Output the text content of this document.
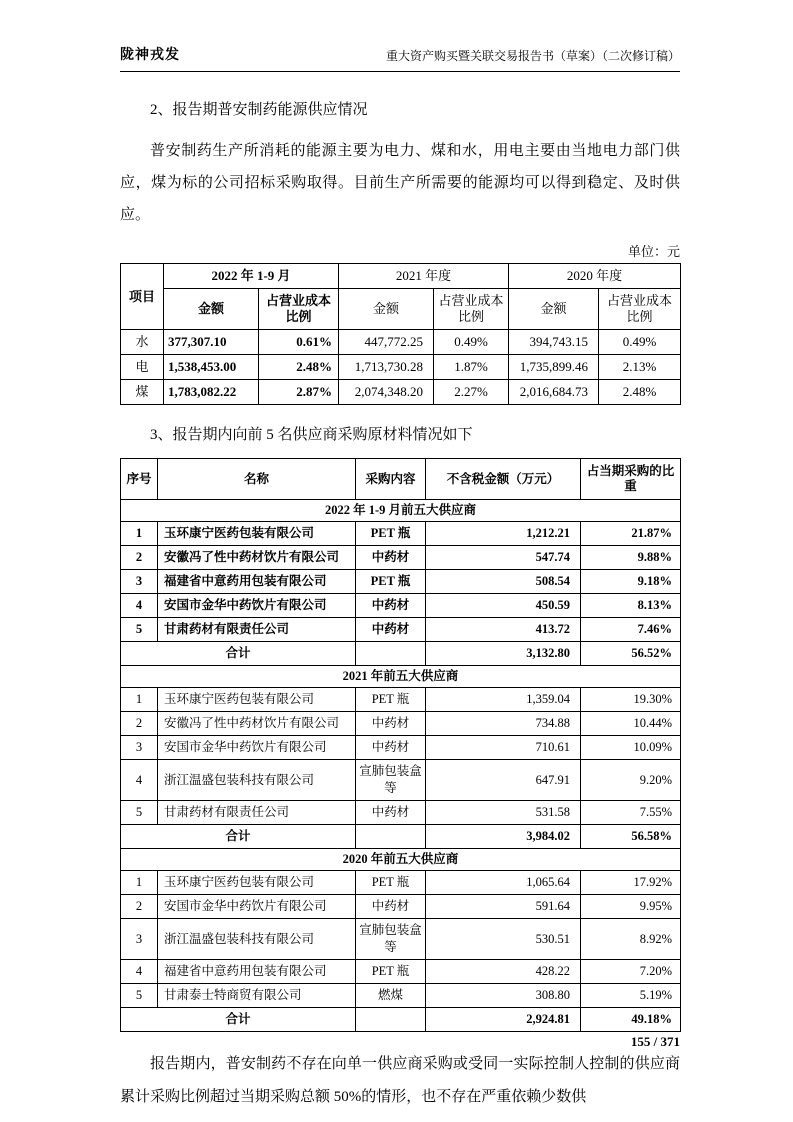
陇神戎发	重大资产购买暨关联交易报告书（草案）（二次修订稿）
2、报告期普安制药能源供应情况

普安制药生产所消耗的能源主要为电力、煤和水，用电主要由当地电力部门供应，煤为标的公司招标采购取得。目前生产所需要的能源均可以得到稳定、及时供应。

单位：元
项目	2022 年 1-9 月		2021 年度		2020 年度	
	金额	占营业成本比例	金额	占营业成本比例	金额	占营业成本比例
水	377,307.10	0.61%	447,772.25	0.49%	394,743.15	0.49%
电	1,538,453.00	2.48%	1,713,730.28	1.87%	1,735,899.46	2.13%
煤	1,783,082.22	2.87%	2,074,348.20	2.27%	2,016,684.73	2.48%
3、报告期内向前 5 名供应商采购原材料情况如下
序号	名称	采购内容	不含税金额（万元）	占当期采购的比重
2022 年 1-9 月前五大供应商				
1	玉环康宁医药包装有限公司	PET 瓶	1,212.21	21.87%
2	安徽冯了性中药材饮片有限公司	中药材	547.74	9.88%
3	福建省中意药用包装有限公司	PET 瓶	508.54	9.18%
4	安国市金华中药饮片有限公司	中药材	450.59	8.13%
5	甘肃药材有限责任公司	中药材	413.72	7.46%
合计			3,132.80	56.52%
2021 年前五大供应商				
1	玉环康宁医药包装有限公司	PET 瓶	1,359.04	19.30%
2	安徽冯了性中药材饮片有限公司	中药材	734.88	10.44%
3	安国市金华中药饮片有限公司	中药材	710.61	10.09%
4	浙江温盛包装科技有限公司	宣肺包装盒等	647.91	9.20%
5	甘肃药材有限责任公司	中药材	531.58	7.55%
合计			3,984.02	56.58%
2020 年前五大供应商				
1	玉环康宁医药包装有限公司	PET 瓶	1,065.64	17.92%
2	安国市金华中药饮片有限公司	中药材	591.64	9.95%
3	浙江温盛包装科技有限公司	宣肺包装盒等	530.51	8.92%
4	福建省中意药用包装有限公司	PET 瓶	428.22	7.20%
5	甘肃泰士特商贸有限公司	燃煤	308.80	5.19%
合计			2,924.81	49.18%

报告期内，普安制药不存在向单一供应商采购或受同一实际控制人控制的供应商累计采购比例超过当期采购总额 50%的情形，也不存在严重依赖少数供

155 / 371
